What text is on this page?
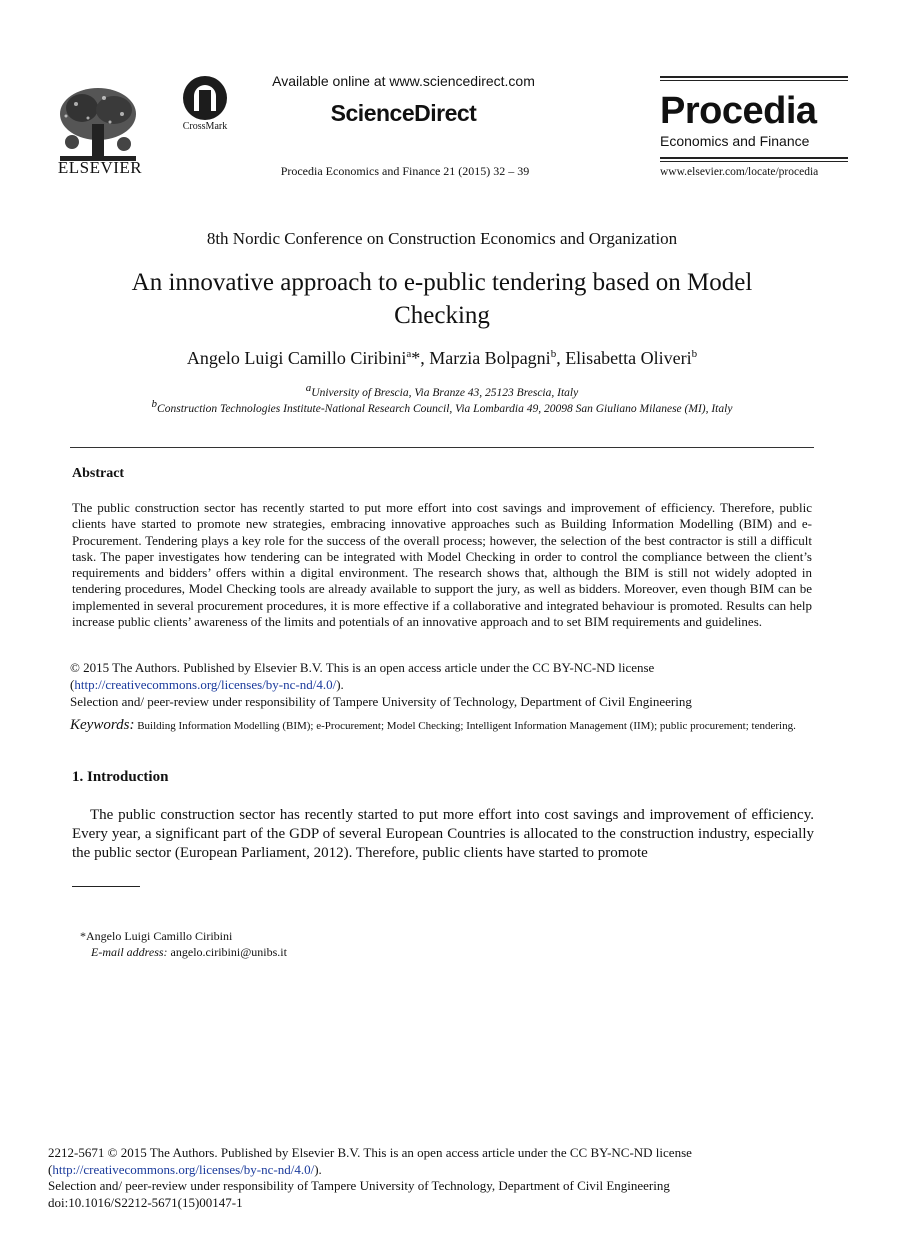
ELSEVIER
CrossMark
Available online at www.sciencedirect.com
ScienceDirect
Procedia Economics and Finance 21 (2015) 32 – 39
Procedia
Economics and Finance
www.elsevier.com/locate/procedia
8th Nordic Conference on Construction Economics and Organization
An innovative approach to e-public tendering based on Model Checking
Angelo Luigi Camillo Ciribini$^a$*, Marzia Bolpagni$^b$, Elisabetta Oliveri$^b$
$^a$University of Brescia, Via Branze 43, 25123 Brescia, Italy
$^b$Construction Technologies Institute-National Research Council, Via Lombardia 49, 20098 San Giuliano Milanese (MI), Italy
Abstract
The public construction sector has recently started to put more effort into cost savings and improvement of efficiency. Therefore, public clients have started to promote new strategies, embracing innovative approaches such as Building Information Modelling (BIM) and e-Procurement. Tendering plays a key role for the success of the overall process; however, the selection of the best contractor is still a difficult task. The paper investigates how tendering can be integrated with Model Checking in order to control the compliance between the client’s requirements and bidders’ offers within a digital environment. The research shows that, although the BIM is still not widely adopted in tendering procedures, Model Checking tools are already available to support the jury, as well as bidders. Moreover, even though BIM can be implemented in several procurement procedures, it is more effective if a collaborative and integrated behaviour is promoted. Results can help increase public clients’ awareness of the limits and potentials of an innovative approach and to set BIM requirements and guidelines.
© 2015 The Authors. Published by Elsevier B.V. This is an open access article under the CC BY-NC-ND license
(http://creativecommons.org/licenses/by-nc-nd/4.0/).
Selection and/ peer-review under responsibility of Tampere University of Technology, Department of Civil Engineering
Keywords: Building Information Modelling (BIM); e-Procurement; Model Checking; Intelligent Information Management (IIM); public procurement; tendering.
1. Introduction
The public construction sector has recently started to put more effort into cost savings and improvement of efficiency. Every year, a significant part of the GDP of several European Countries is allocated to the construction industry, especially the public sector (European Parliament, 2012). Therefore, public clients have started to promote
*Angelo Luigi Camillo Ciribini
E-mail address: angelo.ciribini@unibs.it
2212-5671 © 2015 The Authors. Published by Elsevier B.V. This is an open access article under the CC BY-NC-ND license
(http://creativecommons.org/licenses/by-nc-nd/4.0/).
Selection and/ peer-review under responsibility of Tampere University of Technology, Department of Civil Engineering
doi:10.1016/S2212-5671(15)00147-1
